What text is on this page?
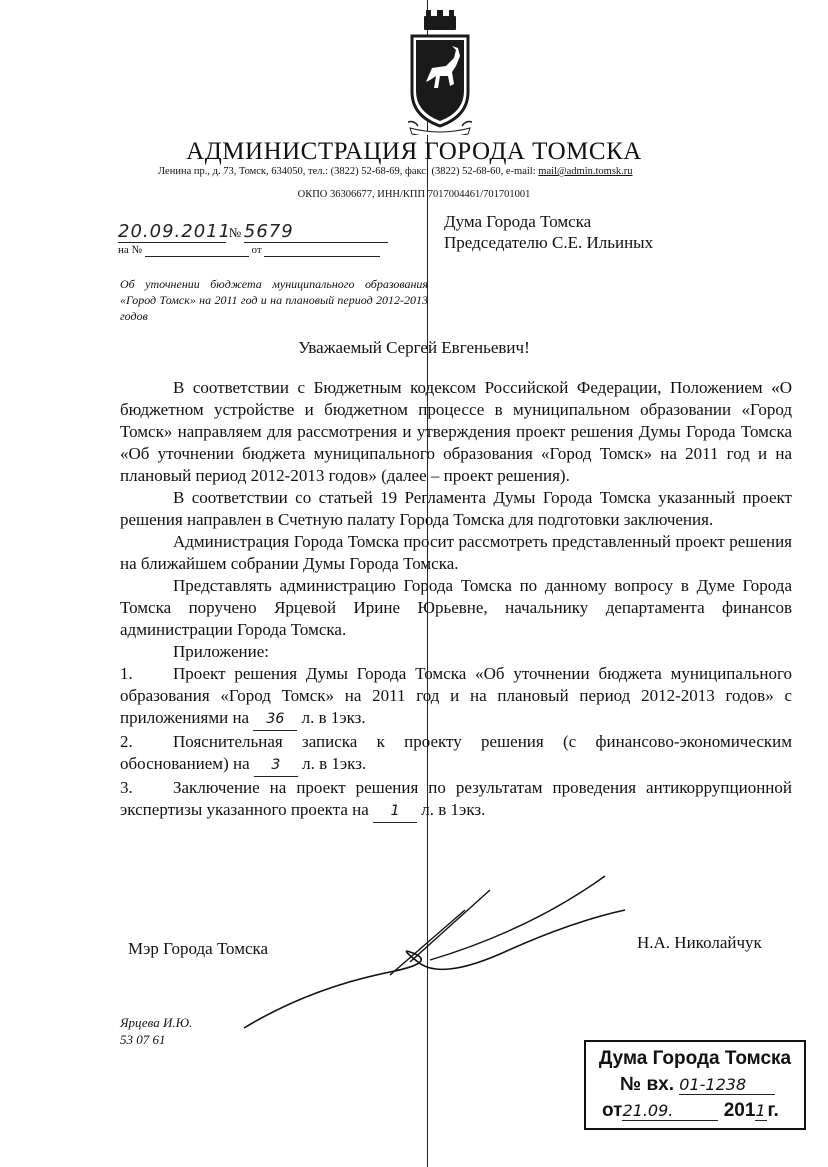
АДМИНИСТРАЦИЯ ГОРОДА ТОМСКА
Ленина пр., д. 73, Томск, 634050, тел.: (3822) 52-68-69, факс: (3822) 52-68-60, e-mail: mail@admin.tomsk.ru
ОКПО 36306677, ИНН/КПП 7017004461/701701001
20.09.2011 № 5679
на №	от
Дума Города Томска
Председателю С.Е. Ильиных
Об уточнении бюджета муниципального образования «Город Томск» на 2011 год и на плановый период 2012-2013 годов
Уважаемый Сергей Евгеньевич!

В соответствии с Бюджетным кодексом Российской Федерации, Положением «О бюджетном устройстве и бюджетном процессе в муниципальном образовании «Город Томск» направляем для рассмотрения и утверждения проект решения Думы Города Томска «Об уточнении бюджета муниципального образования «Город Томск» на 2011 год и на плановый период 2012-2013 годов» (далее – проект решения).

В соответствии со статьей 19 Регламента Думы Города Томска указанный проект решения направлен в Счетную палату Города Томска для подготовки заключения.

Администрация Города Томска просит рассмотреть представленный проект решения на ближайшем собрании Думы Города Томска.

Представлять администрацию Города Томска по данному вопросу в Думе Города Томска поручено Ярцевой Ирине Юрьевне, начальнику департамента финансов администрации Города Томска.

Приложение:

1. Проект решения Думы Города Томска «Об уточнении бюджета муниципального образования «Город Томск» на 2011 год и на плановый период 2012-2013 годов» с приложениями на 36 л. в 1экз.

2. Пояснительная записка к проекту решения (с финансово-экономическим обоснованием) на 3 л. в 1экз.

3. Заключение на проект решения по результатам проведения антикоррупционной экспертизы указанного проекта на 1 л. в 1экз.

Мэр Города Томска	Н.А. Николайчук
Ярцева И.Ю.
53 07 61
Дума Города Томска
№ вх. 01-1238
от21.09.	2011г.
